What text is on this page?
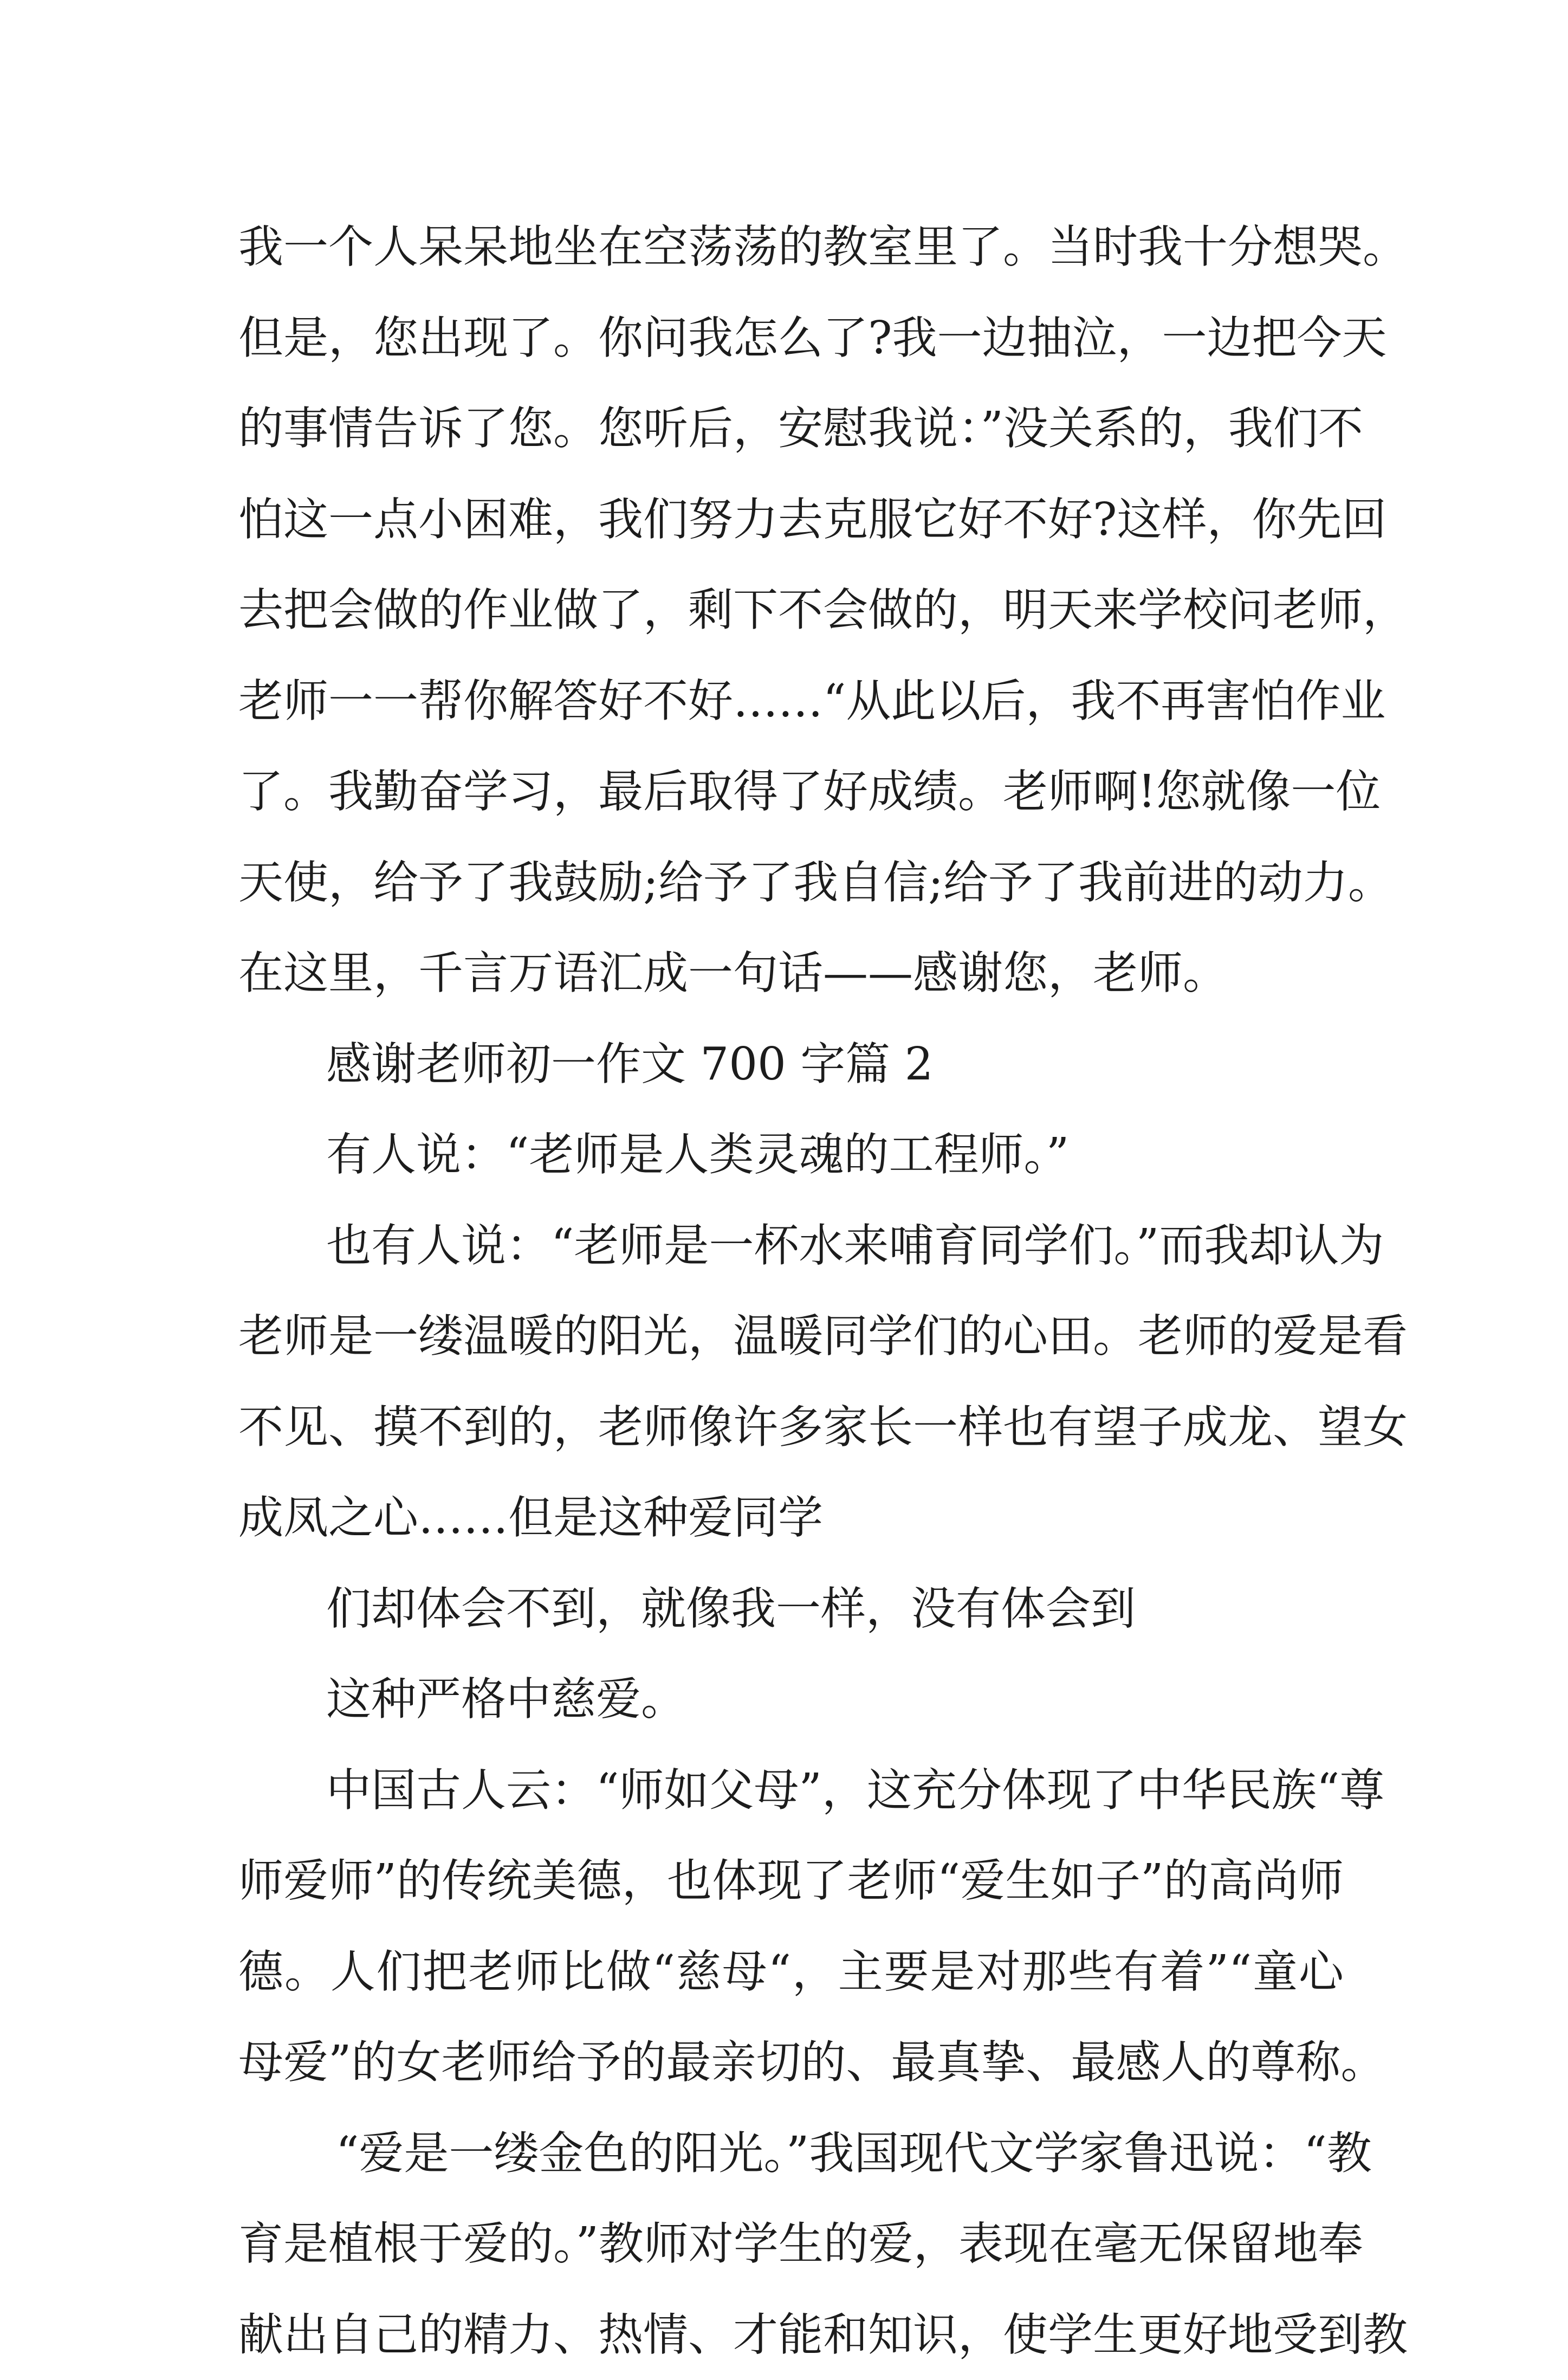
我一个人呆呆地坐在空荡荡的教室里了。当时我十分想哭。
但是，您出现了。你问我怎么了?我一边抽泣，一边把今天
的事情告诉了您。您听后，安慰我说：”没关系的，我们不
怕这一点小困难，我们努力去克服它好不好?这样，你先回
去把会做的作业做了，剩下不会做的，明天来学校问老师，
老师一一帮你解答好不好……“从此以后，我不再害怕作业
了。我勤奋学习，最后取得了好成绩。老师啊!您就像一位
天使，给予了我鼓励;给予了我自信;给予了我前进的动力。
在这里，千言万语汇成一句话——感谢您，老师。
感谢老师初一作文 700 字篇 2
有人说：“老师是人类灵魂的工程师。”
也有人说：“老师是一杯水来哺育同学们。”而我却认为
老师是一缕温暖的阳光，温暖同学们的心田。老师的爱是看
不见、摸不到的，老师像许多家长一样也有望子成龙、望女
成凤之心……但是这种爱同学
们却体会不到，就像我一样，没有体会到
这种严格中慈爱。
中国古人云：“师如父母”，这充分体现了中华民族“尊
师爱师”的传统美德，也体现了老师“爱生如子”的高尚师
德。人们把老师比做“慈母“，主要是对那些有着”“童心
母爱”的女老师给予的最亲切的、最真挚、最感人的尊称。
“爱是一缕金色的阳光。”我国现代文学家鲁迅说：“教
育是植根于爱的。”教师对学生的爱，表现在毫无保留地奉
献出自己的精力、热情、才能和知识，使学生更好地受到教
